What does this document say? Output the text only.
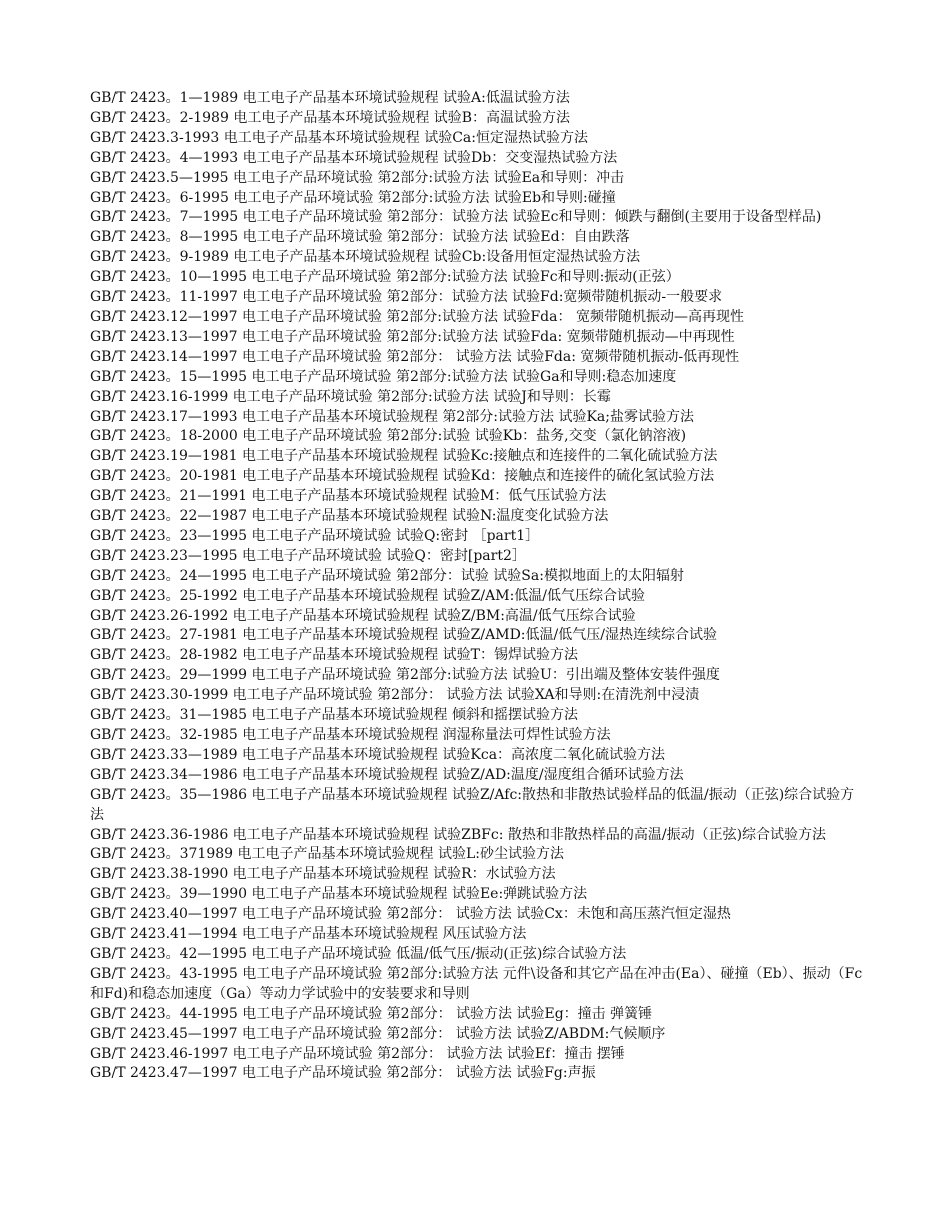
GB/T 2423。1—1989 电工电子产品基本环境试验规程 试验A:低温试验方法

GB/T 2423。2-1989 电工电子产品基本环境试验规程 试验B：高温试验方法

GB/T 2423.3-1993 电工电子产品基本环境试验规程 试验Ca:恒定湿热试验方法

GB/T 2423。4—1993 电工电子产品基本环境试验规程 试验Db：交变湿热试验方法

GB/T 2423.5—1995 电工电子产品环境试验 第2部分:试验方法 试验Ea和导则：冲击

GB/T 2423。6-1995 电工电子产品环境试验 第2部分:试验方法 试验Eb和导则:碰撞

GB/T 2423。7—1995 电工电子产品环境试验 第2部分：试验方法 试验Ec和导则：倾跌与翻倒(主要用于设备型样品)

GB/T 2423。8—1995 电工电子产品环境试验 第2部分：试验方法 试验Ed：自由跌落

GB/T 2423。9-1989 电工电子产品基本环境试验规程 试验Cb:设备用恒定湿热试验方法

GB/T 2423。10—1995 电工电子产品环境试验 第2部分:试验方法 试验Fc和导则:振动(正弦）

GB/T 2423。11-1997 电工电子产品环境试验 第2部分：试验方法 试验Fd:宽频带随机振动-一般要求

GB/T 2423.12—1997 电工电子产品环境试验 第2部分:试验方法 试验Fda： 宽频带随机振动—高再现性

GB/T 2423.13—1997 电工电子产品环境试验 第2部分:试验方法 试验Fda: 宽频带随机振动—中再现性

GB/T 2423.14—1997 电工电子产品环境试验 第2部分： 试验方法 试验Fda: 宽频带随机振动-低再现性

GB/T 2423。15—1995 电工电子产品环境试验 第2部分:试验方法 试验Ga和导则:稳态加速度

GB/T 2423.16-1999 电工电子产品环境试验 第2部分:试验方法 试验J和导则：长霉

GB/T 2423.17—1993 电工电子产品基本环境试验规程 第2部分:试验方法 试验Ka;盐雾试验方法

GB/T 2423。18-2000 电工电子产品环境试验 第2部分:试验 试验Kb：盐务,交变（氯化钠溶液)

GB/T 2423.19—1981 电工电子产品基本环境试验规程 试验Kc:接触点和连接件的二氧化硫试验方法

GB/T 2423。20-1981 电工电子产品基本环境试验规程 试验Kd：接触点和连接件的硫化氢试验方法

GB/T 2423。21—1991 电工电子产品基本环境试验规程 试验M：低气压试验方法

GB/T 2423。22—1987 电工电子产品基本环境试验规程 试验N:温度变化试验方法

GB/T 2423。23—1995 电工电子产品环境试验 试验Q:密封 ［part1］

GB/T 2423.23—1995 电工电子产品环境试验 试验Q：密封[part2］

GB/T 2423。24—1995 电工电子产品环境试验 第2部分：试验 试验Sa:模拟地面上的太阳辐射

GB/T 2423。25-1992 电工电子产品基本环境试验规程 试验Z/AM:低温/低气压综合试验

GB/T 2423.26-1992 电工电子产品基本环境试验规程 试验Z/BM:高温/低气压综合试验

GB/T 2423。27-1981 电工电子产品基本环境试验规程 试验Z/AMD:低温/低气压/湿热连续综合试验

GB/T 2423。28-1982 电工电子产品基本环境试验规程 试验T：锡焊试验方法

GB/T 2423。29—1999 电工电子产品环境试验 第2部分:试验方法 试验U：引出端及整体安装件强度

GB/T 2423.30-1999 电工电子产品环境试验 第2部分： 试验方法 试验XA和导则:在清洗剂中浸渍

GB/T 2423。31—1985 电工电子产品基本环境试验规程 倾斜和摇摆试验方法

GB/T 2423。32-1985 电工电子产品基本环境试验规程 润湿称量法可焊性试验方法

GB/T 2423.33—1989 电工电子产品基本环境试验规程 试验Kca：高浓度二氧化硫试验方法

GB/T 2423.34—1986 电工电子产品基本环境试验规程 试验Z/AD:温度/湿度组合循环试验方法

GB/T 2423。35—1986 电工电子产品基本环境试验规程 试验Z/Afc:散热和非散热试验样品的低温/振动（正弦)综合试验方法

GB/T 2423.36-1986 电工电子产品基本环境试验规程 试验ZBFc: 散热和非散热样品的高温/振动（正弦)综合试验方法

GB/T 2423。371989 电工电子产品基本环境试验规程 试验L:砂尘试验方法

GB/T 2423.38-1990 电工电子产品基本环境试验规程 试验R：水试验方法

GB/T 2423。39—1990 电工电子产品基本环境试验规程 试验Ee:弹跳试验方法

GB/T 2423.40—1997 电工电子产品环境试验 第2部分： 试验方法 试验Cx：未饱和高压蒸汽恒定湿热

GB/T 2423.41—1994 电工电子产品基本环境试验规程 风压试验方法

GB/T 2423。42—1995 电工电子产品环境试验 低温/低气压/振动(正弦)综合试验方法

GB/T 2423。43-1995 电工电子产品环境试验 第2部分:试验方法 元件\设备和其它产品在冲击(Ea）、碰撞（Eb）、振动（Fc和Fd)和稳态加速度（Ga）等动力学试验中的安装要求和导则

GB/T 2423。44-1995 电工电子产品环境试验 第2部分： 试验方法 试验Eg：撞击 弹簧锤

GB/T 2423.45—1997 电工电子产品环境试验 第2部分： 试验方法 试验Z/ABDM:气候顺序

GB/T 2423.46-1997 电工电子产品环境试验 第2部分： 试验方法 试验Ef：撞击 摆锤

GB/T 2423.47—1997 电工电子产品环境试验 第2部分： 试验方法 试验Fg:声振
